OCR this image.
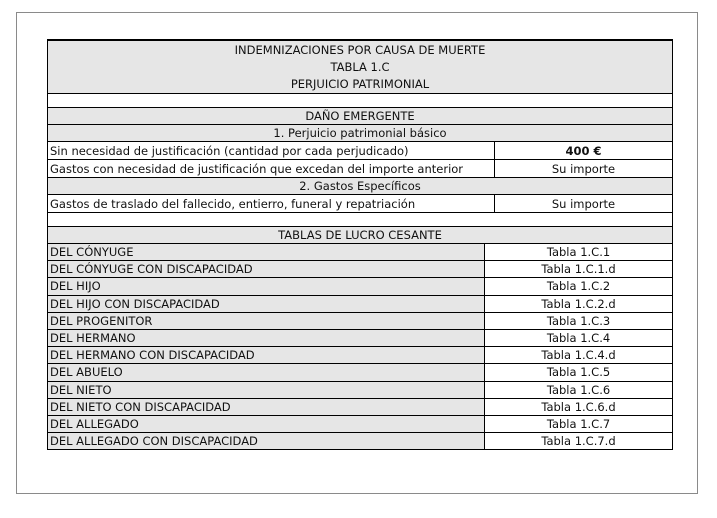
INDEMNIZACIONES POR CAUSA DE MUERTE
TABLA 1.C
PERJUICIO PATRIMONIAL
DAÑO EMERGENTE
1. Perjuicio patrimonial básico
Sin necesidad de justificación (cantidad por cada perjudicado)	400 €
Gastos con necesidad de justificación que excedan del importe anterior	Su importe
2. Gastos Específicos
Gastos de traslado del fallecido, entierro, funeral y repatriación	Su importe
TABLAS DE LUCRO CESANTE
DEL CÓNYUGE	Tabla 1.C.1
DEL CÓNYUGE CON DISCAPACIDAD	Tabla 1.C.1.d
DEL HIJO	Tabla 1.C.2
DEL HIJO CON DISCAPACIDAD	Tabla 1.C.2.d
DEL PROGENITOR	Tabla 1.C.3
DEL HERMANO	Tabla 1.C.4
DEL HERMANO CON DISCAPACIDAD	Tabla 1.C.4.d
DEL ABUELO	Tabla 1.C.5
DEL NIETO	Tabla 1.C.6
DEL NIETO CON DISCAPACIDAD	Tabla 1.C.6.d
DEL ALLEGADO	Tabla 1.C.7
DEL ALLEGADO CON DISCAPACIDAD	Tabla 1.C.7.d
